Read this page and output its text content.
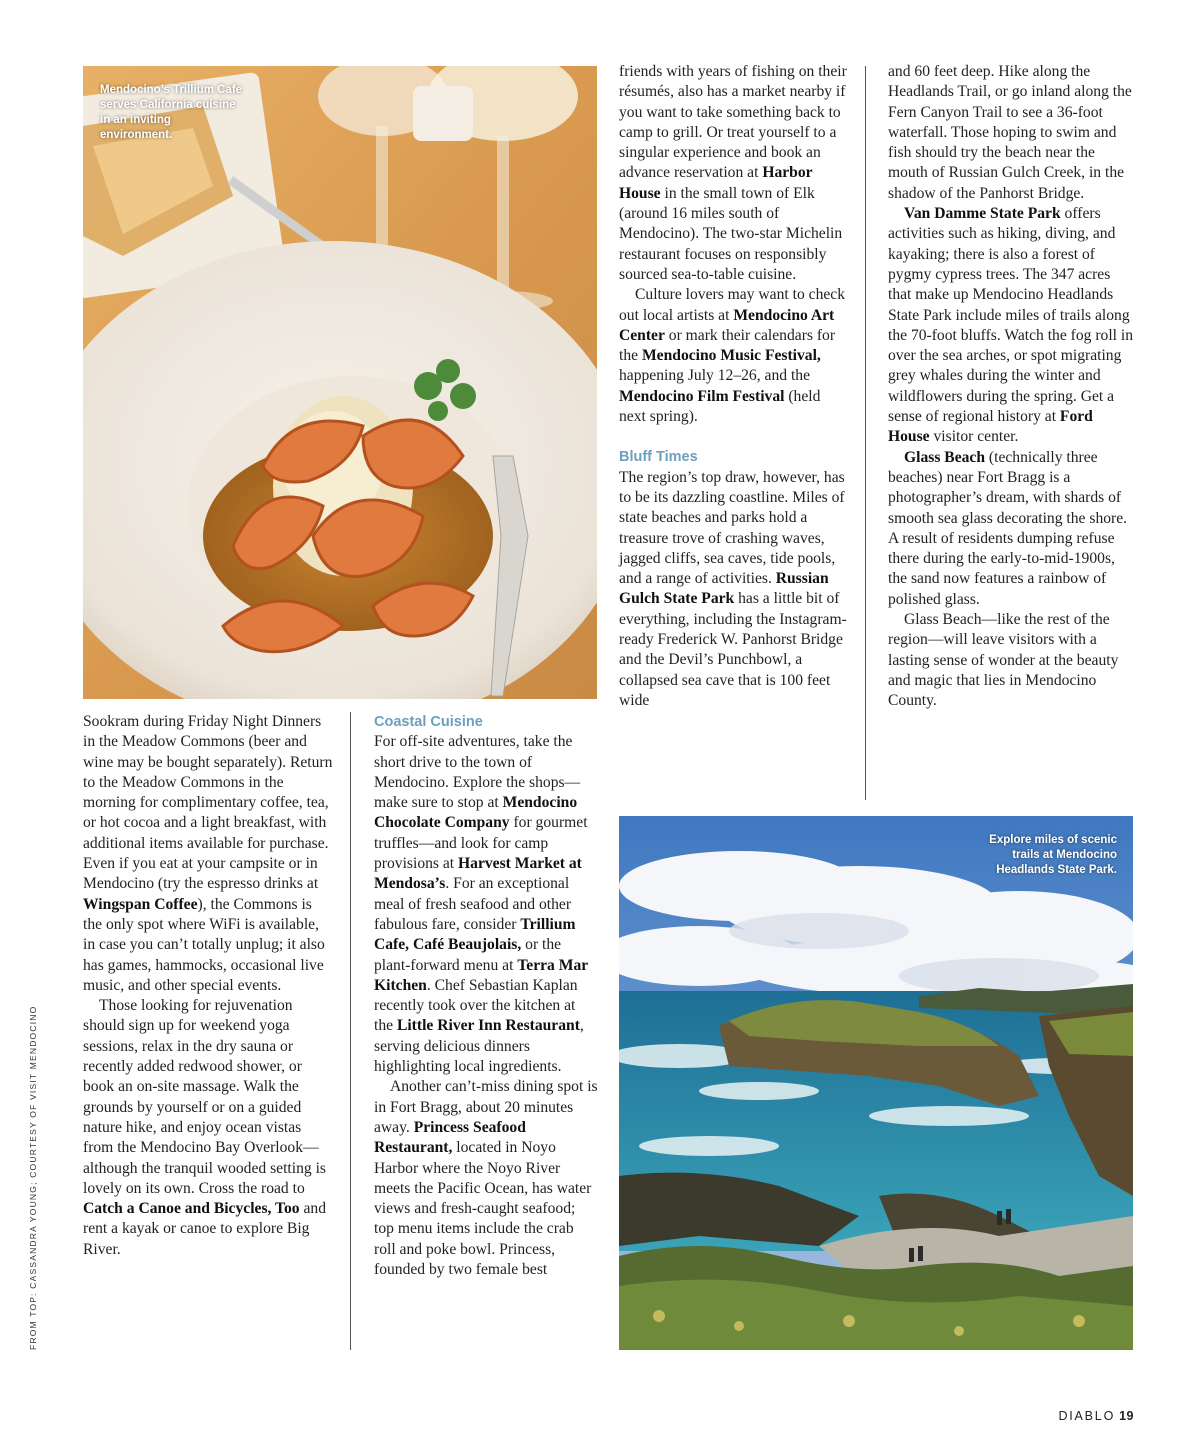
Mendocino’s Trillium Cafe serves California cuisine in an inviting environment.
Explore miles of scenic trails at Mendocino Headlands State Park.

Sookram during Friday Night Dinners in the Meadow Commons (beer and wine may be bought separately). Return to the Meadow Commons in the morning for complimentary coffee, tea, or hot cocoa and a light breakfast, with additional items available for purchase. Even if you eat at your campsite or in Mendocino (try the espresso drinks at Wingspan Coffee), the Commons is the only spot where WiFi is available, in case you can’t totally unplug; it also has games, hammocks, occasional live music, and other special events.

Those looking for rejuvenation should sign up for weekend yoga sessions, relax in the dry sauna or recently added redwood shower, or book an on-site massage. Walk the grounds by yourself or on a guided nature hike, and enjoy ocean vistas from the Mendocino Bay Overlook—although the tranquil wooded setting is lovely on its own. Cross the road to Catch a Canoe and Bicycles, Too and rent a kayak or canoe to explore Big River.

Coastal Cuisine

For off-site adventures, take the short drive to the town of Mendocino. Explore the shops—make sure to stop at Mendocino Chocolate Company for gourmet truffles—and look for camp provisions at Harvest Market at Mendosa’s. For an exceptional meal of fresh seafood and other fabulous fare, consider Trillium Cafe, Café Beaujolais, or the plant-forward menu at Terra Mar Kitchen. Chef Sebastian Kaplan recently took over the kitchen at the Little River Inn Restaurant, serving delicious dinners highlighting local ingredients.

Another can’t-miss dining spot is in Fort Bragg, about 20 minutes away. Princess Seafood Restaurant, located in Noyo Harbor where the Noyo River meets the Pacific Ocean, has water views and fresh-caught seafood; top menu items include the crab roll and poke bowl. Princess, founded by two female best

friends with years of fishing on their résumés, also has a market nearby if you want to take something back to camp to grill. Or treat yourself to a singular experience and book an advance reservation at Harbor House in the small town of Elk (around 16 miles south of Mendocino). The two-star Michelin restaurant focuses on responsibly sourced sea-to-table cuisine.

Culture lovers may want to check out local artists at Mendocino Art Center or mark their calendars for the Mendocino Music Festival, happening July 12–26, and the Mendocino Film Festival (held next spring).

Bluff Times

The region’s top draw, however, has to be its dazzling coastline. Miles of state beaches and parks hold a treasure trove of crashing waves, jagged cliffs, sea caves, tide pools, and a range of activities. Russian Gulch State Park has a little bit of everything, including the Instagram-ready Frederick W. Panhorst Bridge and the Devil’s Punchbowl, a collapsed sea cave that is 100 feet wide

and 60 feet deep. Hike along the Headlands Trail, or go inland along the Fern Canyon Trail to see a 36-foot waterfall. Those hoping to swim and fish should try the beach near the mouth of Russian Gulch Creek, in the shadow of the Panhorst Bridge.

Van Damme State Park offers activities such as hiking, diving, and kayaking; there is also a forest of pygmy cypress trees. The 347 acres that make up Mendocino Headlands State Park include miles of trails along the 70-foot bluffs. Watch the fog roll in over the sea arches, or spot migrating grey whales during the winter and wildflowers during the spring. Get a sense of regional history at Ford House visitor center.

Glass Beach (technically three beaches) near Fort Bragg is a photographer’s dream, with shards of smooth sea glass decorating the shore. A result of residents dumping refuse there during the early-to-mid-1900s, the sand now features a rainbow of polished glass.

Glass Beach—like the rest of the region—will leave visitors with a lasting sense of wonder at the beauty and magic that lies in Mendocino County.

FROM TOP: CASSANDRA YOUNG; COURTESY OF VISIT MENDOCINO
DIABLO 19
